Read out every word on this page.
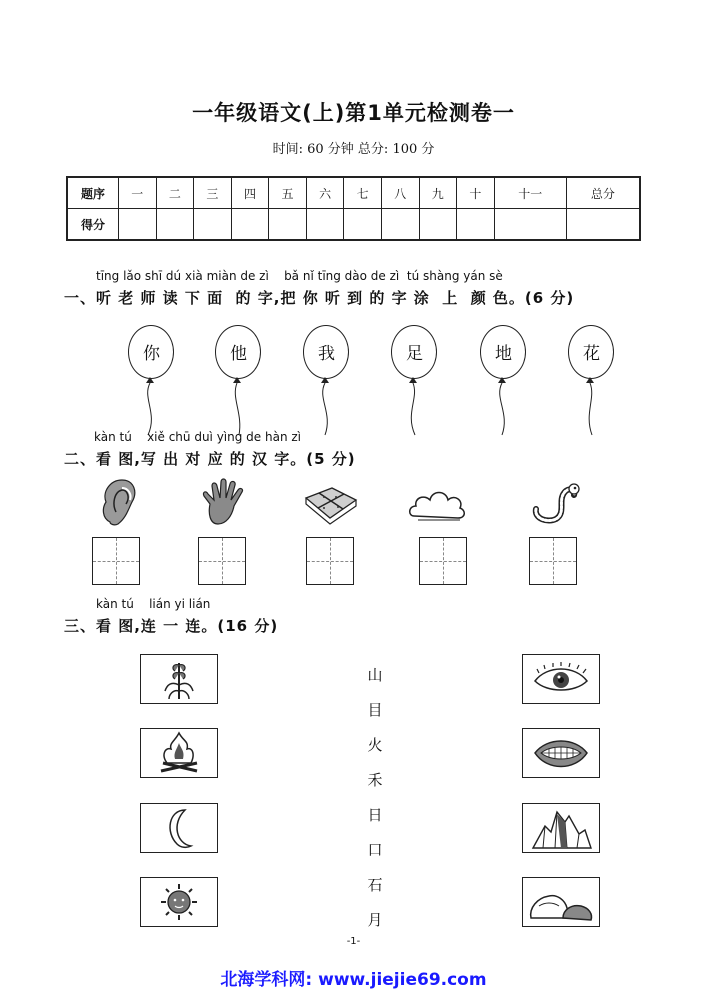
一年级语文(上)第1单元检测卷一
时间: 60 分钟 总分: 100 分
题序	一	二	三	四	五	六	七	八	九	十	十一	总分
得分												
tīng lǎo shī dú xià miàn de zì    bǎ nǐ tīng dào de zì  tú shàng yán sè
一、听 老 师 读 下 面  的 字,把 你 听 到 的 字 涂  上  颜 色。(6 分)
你	他	我	足	地	花
kàn tú    xiě chū duì yìng de hàn zì
二、看 图,写 出 对 应 的 汉 字。(5 分)
kàn tú    lián yi lián
三、看 图,连 一 连。(16 分)
山
目
火
禾
日
口
石
月
-1-
北海学科网: www.jiejie69.com
